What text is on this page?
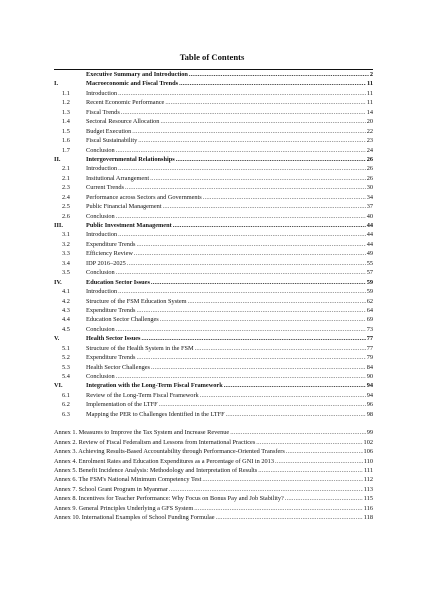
Table of Contents
Executive Summary and Introduction .....	2
I.	Macroeconomic and Fiscal Trends .....	11
1.1	Introduction .....	11
1.2	Recent Economic Performance .....	11
1.3	Fiscal Trends .....	14
1.4	Sectoral Resource Allocation .....	20
1.5	Budget Execution .....	22
1.6	Fiscal Sustainability .....	23
1.7	Conclusion .....	24
II.	Intergovernmental Relationships .....	26
2.1	Introduction .....	26
2.1	Insitutional Arrangement .....	26
2.3	Current Trends .....	30
2.4	Performance across Sectors and Governments .....	34
2.5	Public Financial Management .....	37
2.6	Conclusion .....	40
III.	Public Investment Management .....	44
3.1	Introduction .....	44
3.2	Expenditure Trends .....	44
3.3	Efficiency Review .....	49
3.4	IDP 2016–2025 .....	55
3.5	Conclusion .....	57
IV.	Education Sector Issues .....	59
4.1	Introduction .....	59
4.2	Structure of the FSM Education System .....	62
4.3	Expenditure Trends .....	64
4.4	Education Sector Challenges .....	69
4.5	Conclusion .....	73
V.	Health Sector Issues .....	77
5.1	Structure of the Health System in the FSM .....	77
5.2	Expenditure Trends .....	79
5.3	Health Sector Challenges .....	84
5.4	Conclusion .....	90
VI.	Integration with the Long-Term Fiscal Framework .....	94
6.1	Review of the Long-Term Fiscal Framework .....	94
6.2	Implementation of the LTFF .....	96
6.3	Mapping the PER to Challenges Identified in the LTFF .....	98
Annex 1. Measures to Improve the Tax System and Increase Revenue .....	99
Annex 2. Review of Fiscal Federalism and Lessons from International Practices .....	102
Annex 3. Achieving Results-Based Accountability through Performance-Oriented Transfers .....	106
Annex 4. Enrolment Rates and Education Expenditures as a Percentage of GNI in 2013 .....	110
Annex 5. Benefit Incidence Analysis: Methodology and Interpretation of Results .....	111
Annex 6. The FSM's National Minimum Competency Test .....	112
Annex 7. School Grant Program in Myanmar .....	113
Annex 8. Incentives for Teacher Performance: Why Focus on Bonus Pay and Job Stability? .....	115
Annex 9. General Principles Underlying a GFS System .....	116
Annex 10. International Examples of School Funding Formulae .....	118
